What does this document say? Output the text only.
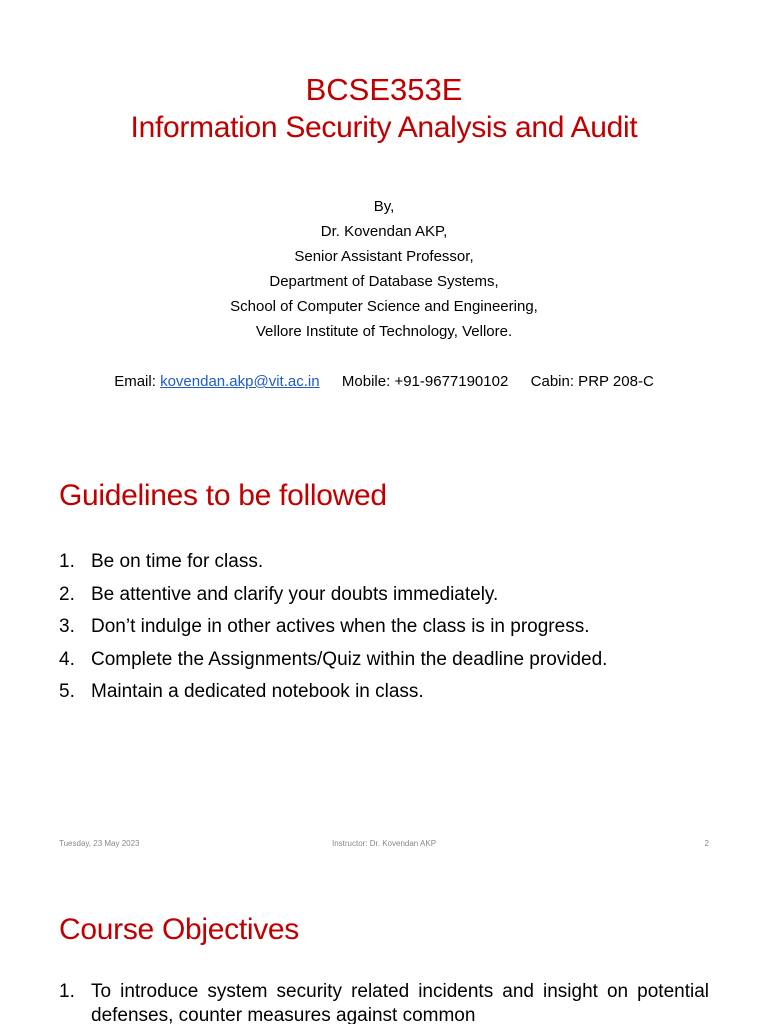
BCSE353E
Information Security Analysis and Audit
By,
Dr. Kovendan AKP,
Senior Assistant Professor,
Department of Database Systems,
School of Computer Science and Engineering,
Vellore Institute of Technology, Vellore.
Email: kovendan.akp@vit.ac.in Mobile: +91-9677190102 Cabin: PRP 208-C
Guidelines to be followed
1. Be on time for class.
2. Be attentive and clarify your doubts immediately.
3. Don’t indulge in other actives when the class is in progress.
4. Complete the Assignments/Quiz within the deadline provided.
5. Maintain a dedicated notebook in class.
Tuesday, 23 May 2023	Instructor: Dr. Kovendan AKP	2
Course Objectives
1. To introduce system security related incidents and insight on potential defenses, counter measures against common
